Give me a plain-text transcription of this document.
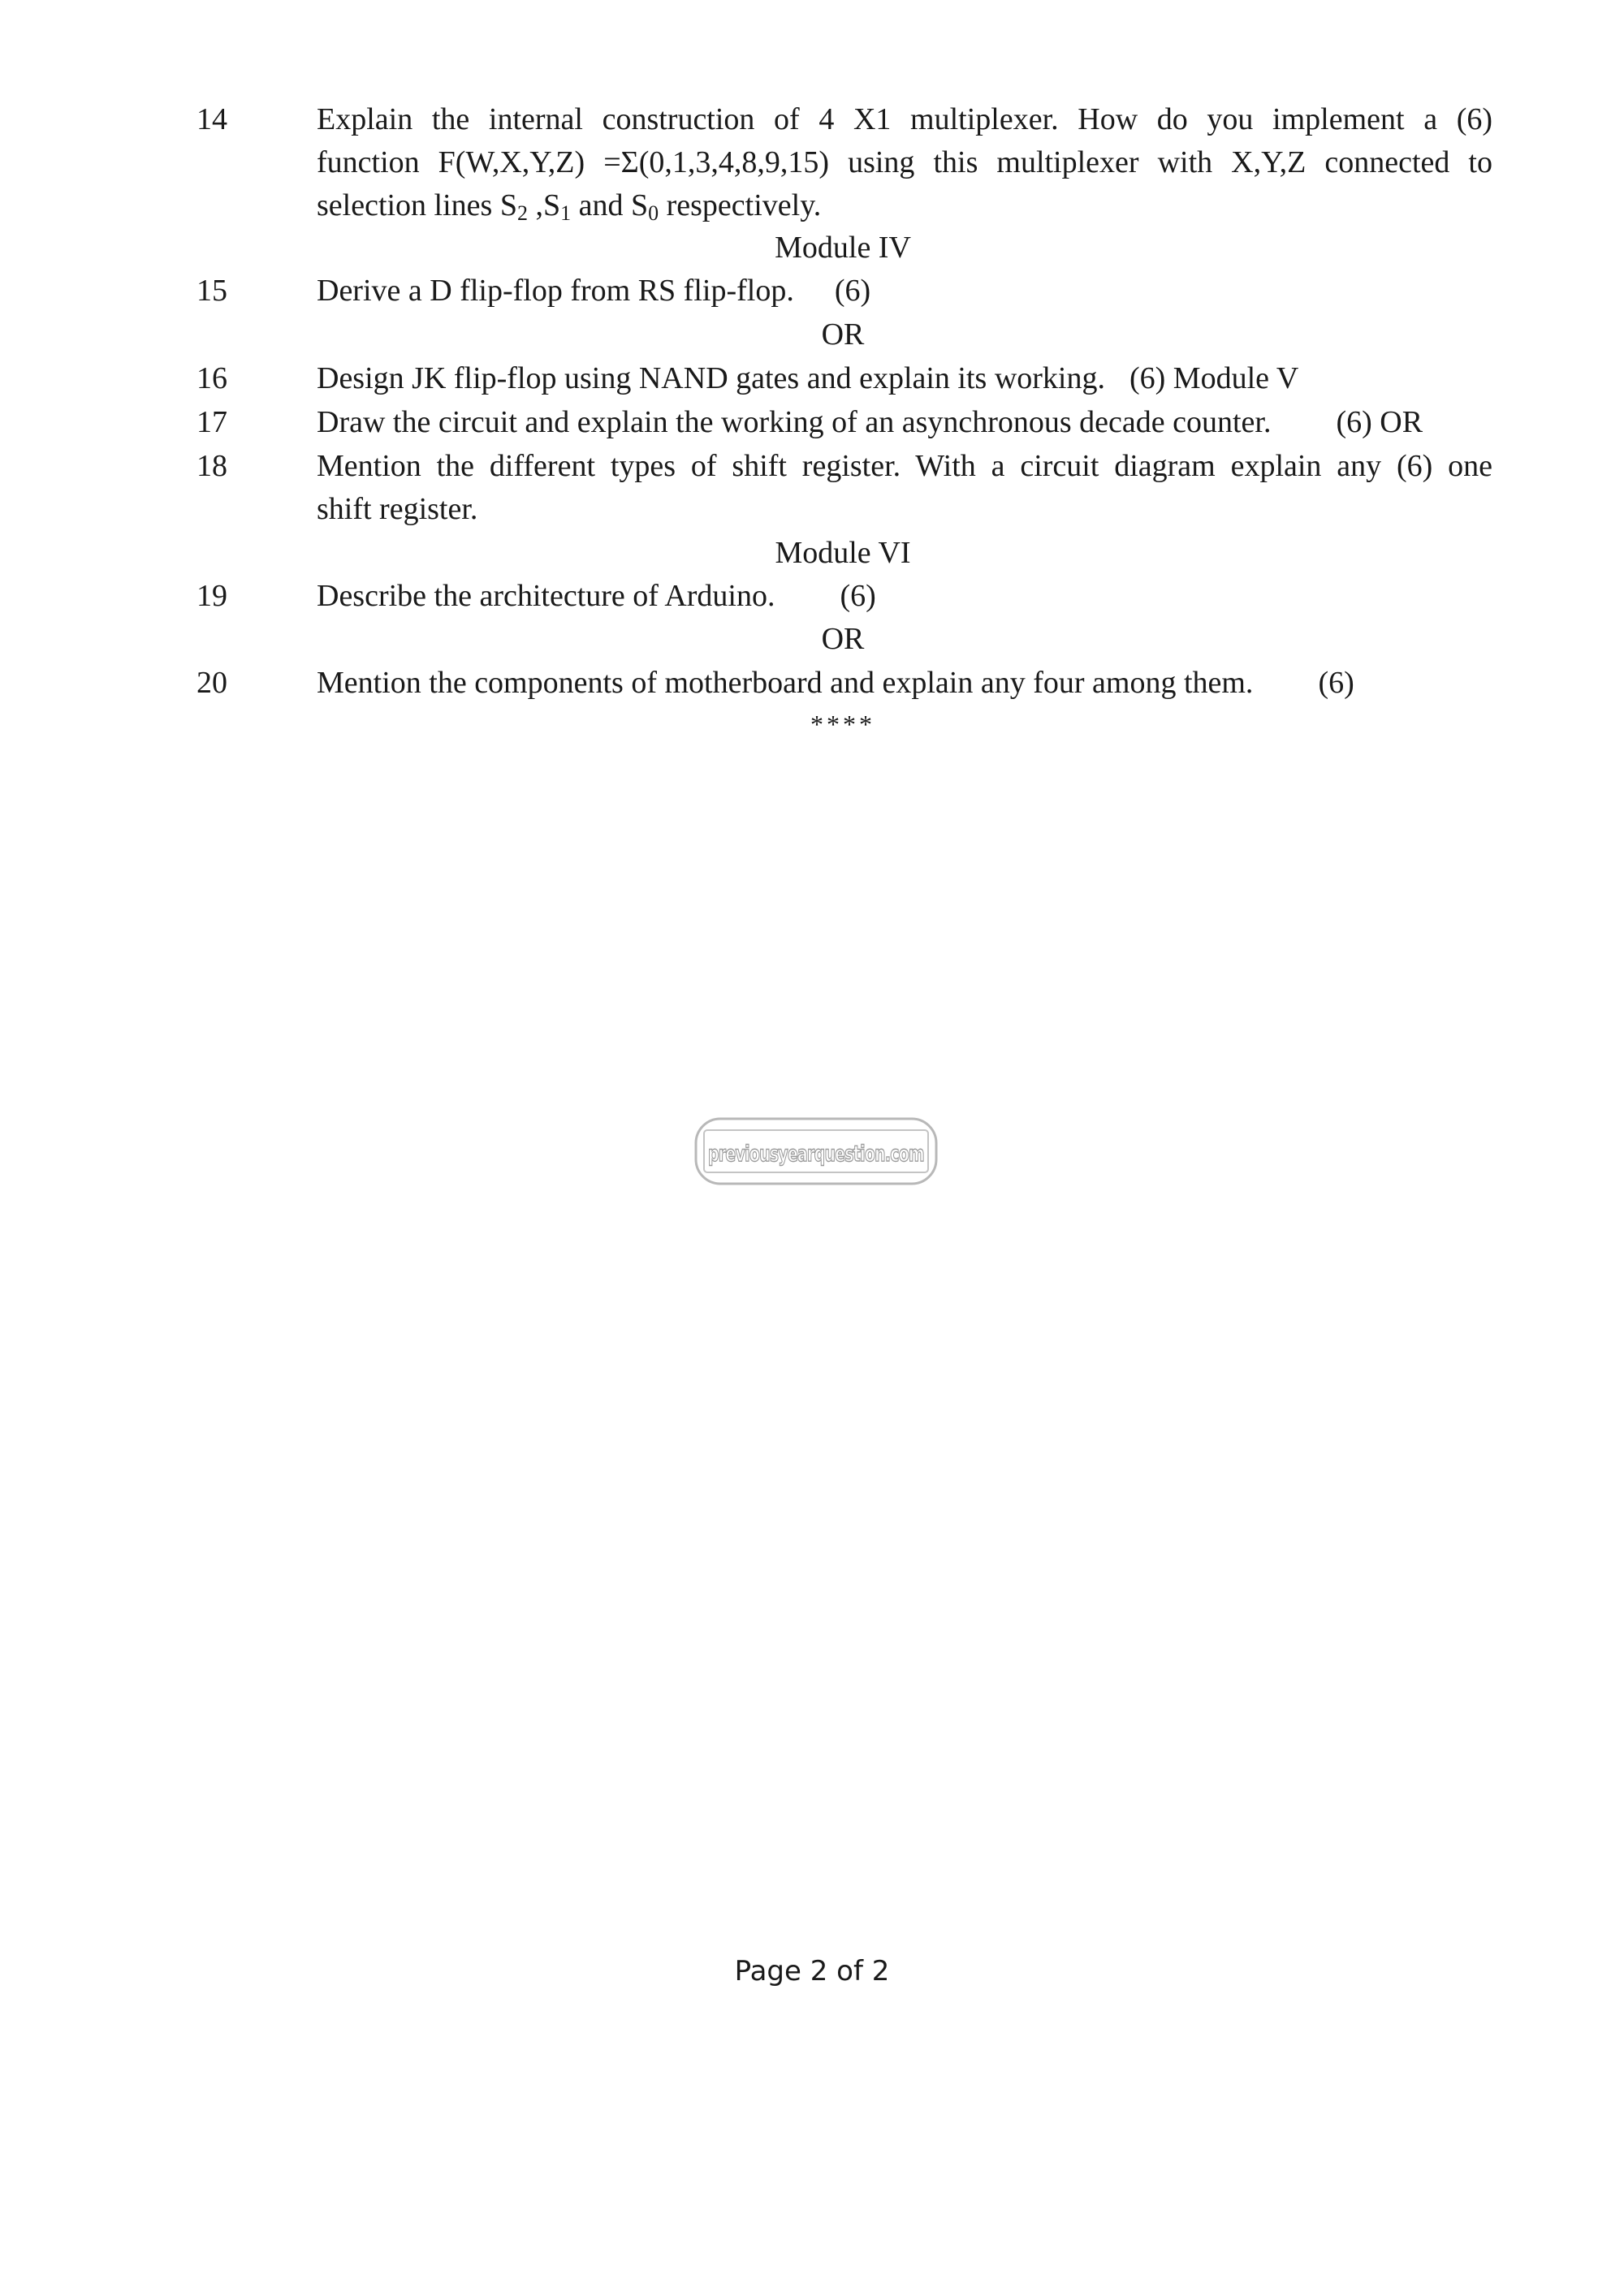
14	Explain the internal construction of 4 X1 multiplexer. How do you implement a (6)
function F(W,X,Y,Z) =Σ(0,1,3,4,8,9,15) using this multiplexer with X,Y,Z connected to
selection lines $S_2$ $,S_1$ and $S_0$ respectively.
Module IV
15	Derive a D flip-flop from RS flip-flop. (6)
OR
16	Design JK flip-flop using NAND gates and explain its working. (6) Module V
17	Draw the circuit and explain the working of an asynchronous decade counter. (6) OR
18	Mention the different types of shift register. With a circuit diagram explain any (6) one
shift register.
Module VI
19	Describe the architecture of Arduino. (6)
OR
20	Mention the components of motherboard and explain any four among them. (6)
****
previousyearquestion.com
Page 2 of 2
